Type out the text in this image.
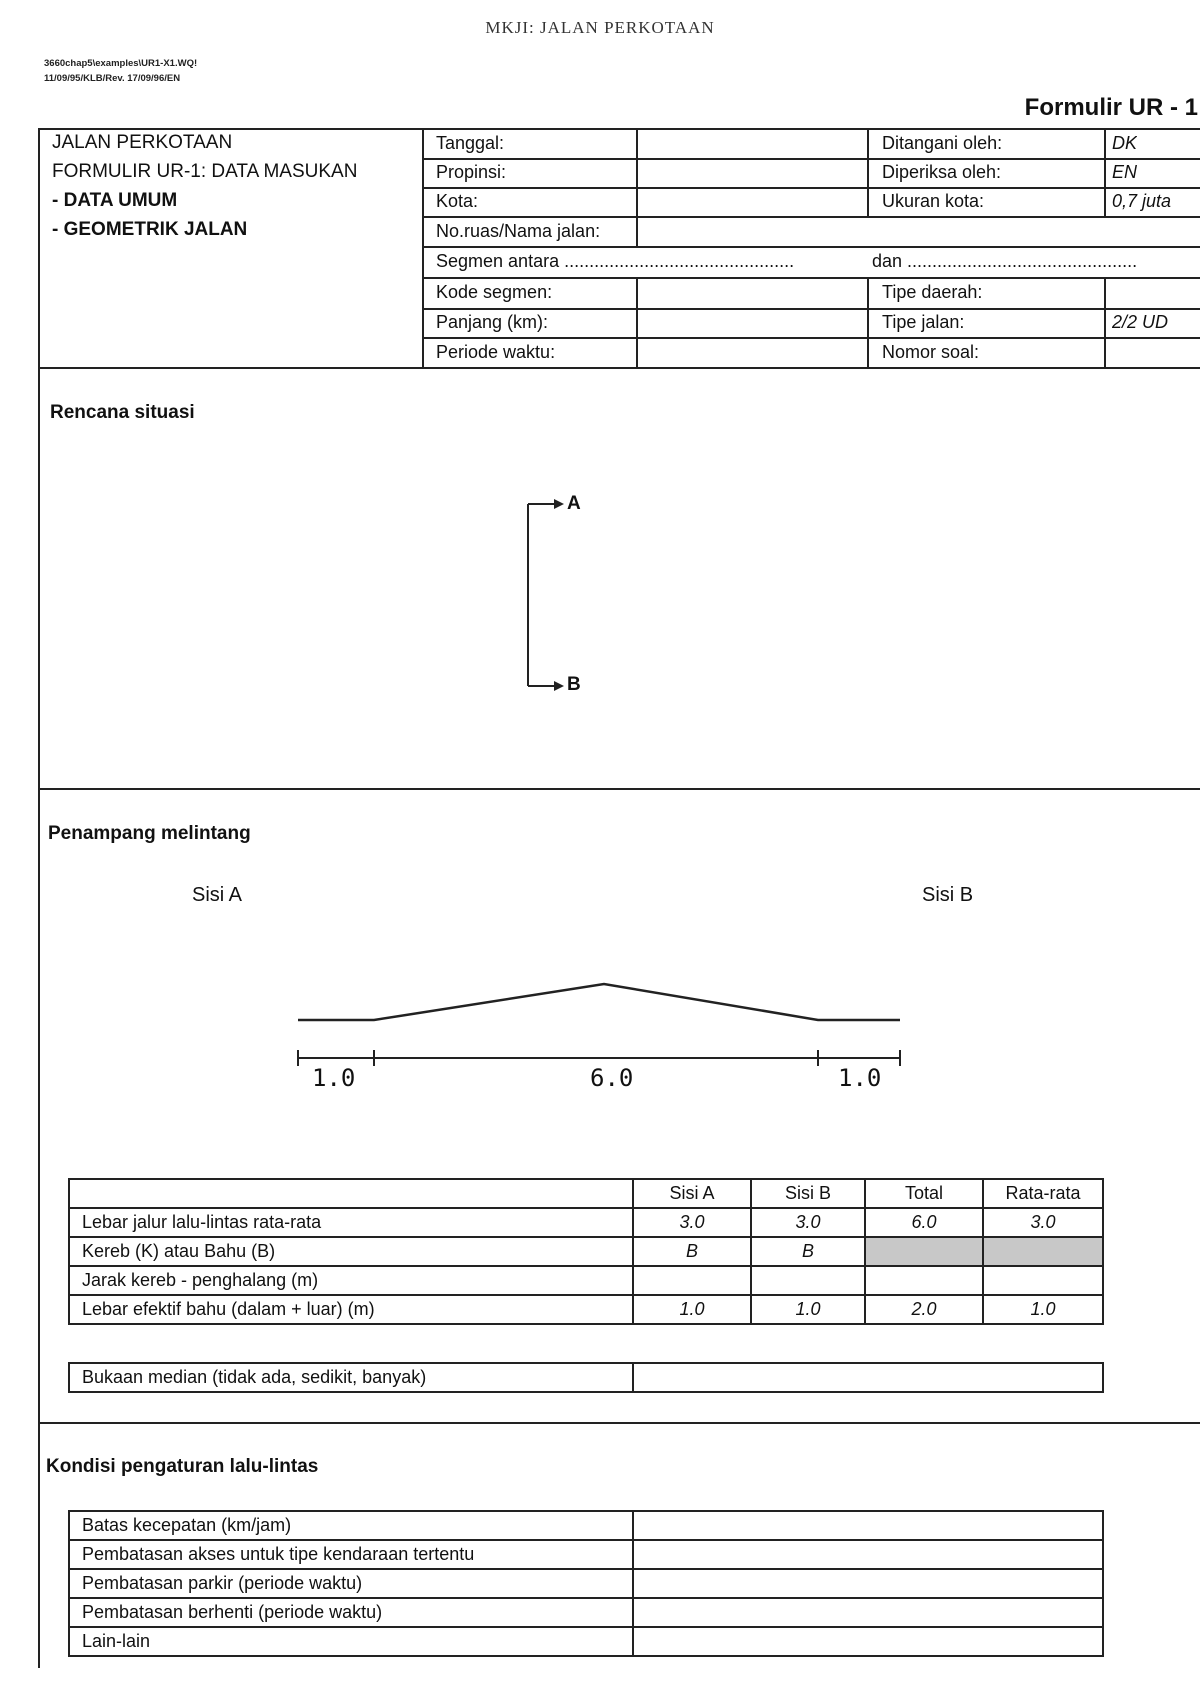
MKJI: JALAN PERKOTAAN
3660chap5\examples\UR1-X1.WQ!
11/09/95/KLB/Rev. 17/09/96/EN
Formulir UR - 1
JALAN PERKOTAAN
FORMULIR UR-1: DATA MASUKAN
- DATA UMUM
- GEOMETRIK JALAN
Tanggal:
Propinsi:
Kota:
No.ruas/Nama jalan:
Segmen antara ..............................................	dan ..............................................
Kode segmen:
Panjang (km):
Periode waktu:
Ditangani oleh:	DK
Diperiksa oleh:	EN
Ukuran kota:	0,7 juta
Tipe daerah:
Tipe jalan:	2/2 UD
Nomor soal:
Rencana situasi
A
B
Penampang melintang
Sisi A	Sisi B
1.0	6.0	1.0
	Sisi A	Sisi B	Total	Rata-rata
Lebar jalur lalu-lintas rata-rata	3.0	3.0	6.0	3.0
Kereb (K) atau Bahu (B)	B	B		
Jarak kereb - penghalang (m)				
Lebar efektif bahu (dalam + luar) (m)	1.0	1.0	2.0	1.0
Bukaan median (tidak ada, sedikit, banyak)	
Kondisi pengaturan lalu-lintas
Batas kecepatan (km/jam)	
Pembatasan akses untuk tipe kendaraan tertentu	
Pembatasan parkir (periode waktu)	
Pembatasan berhenti (periode waktu)	
Lain-lain	
